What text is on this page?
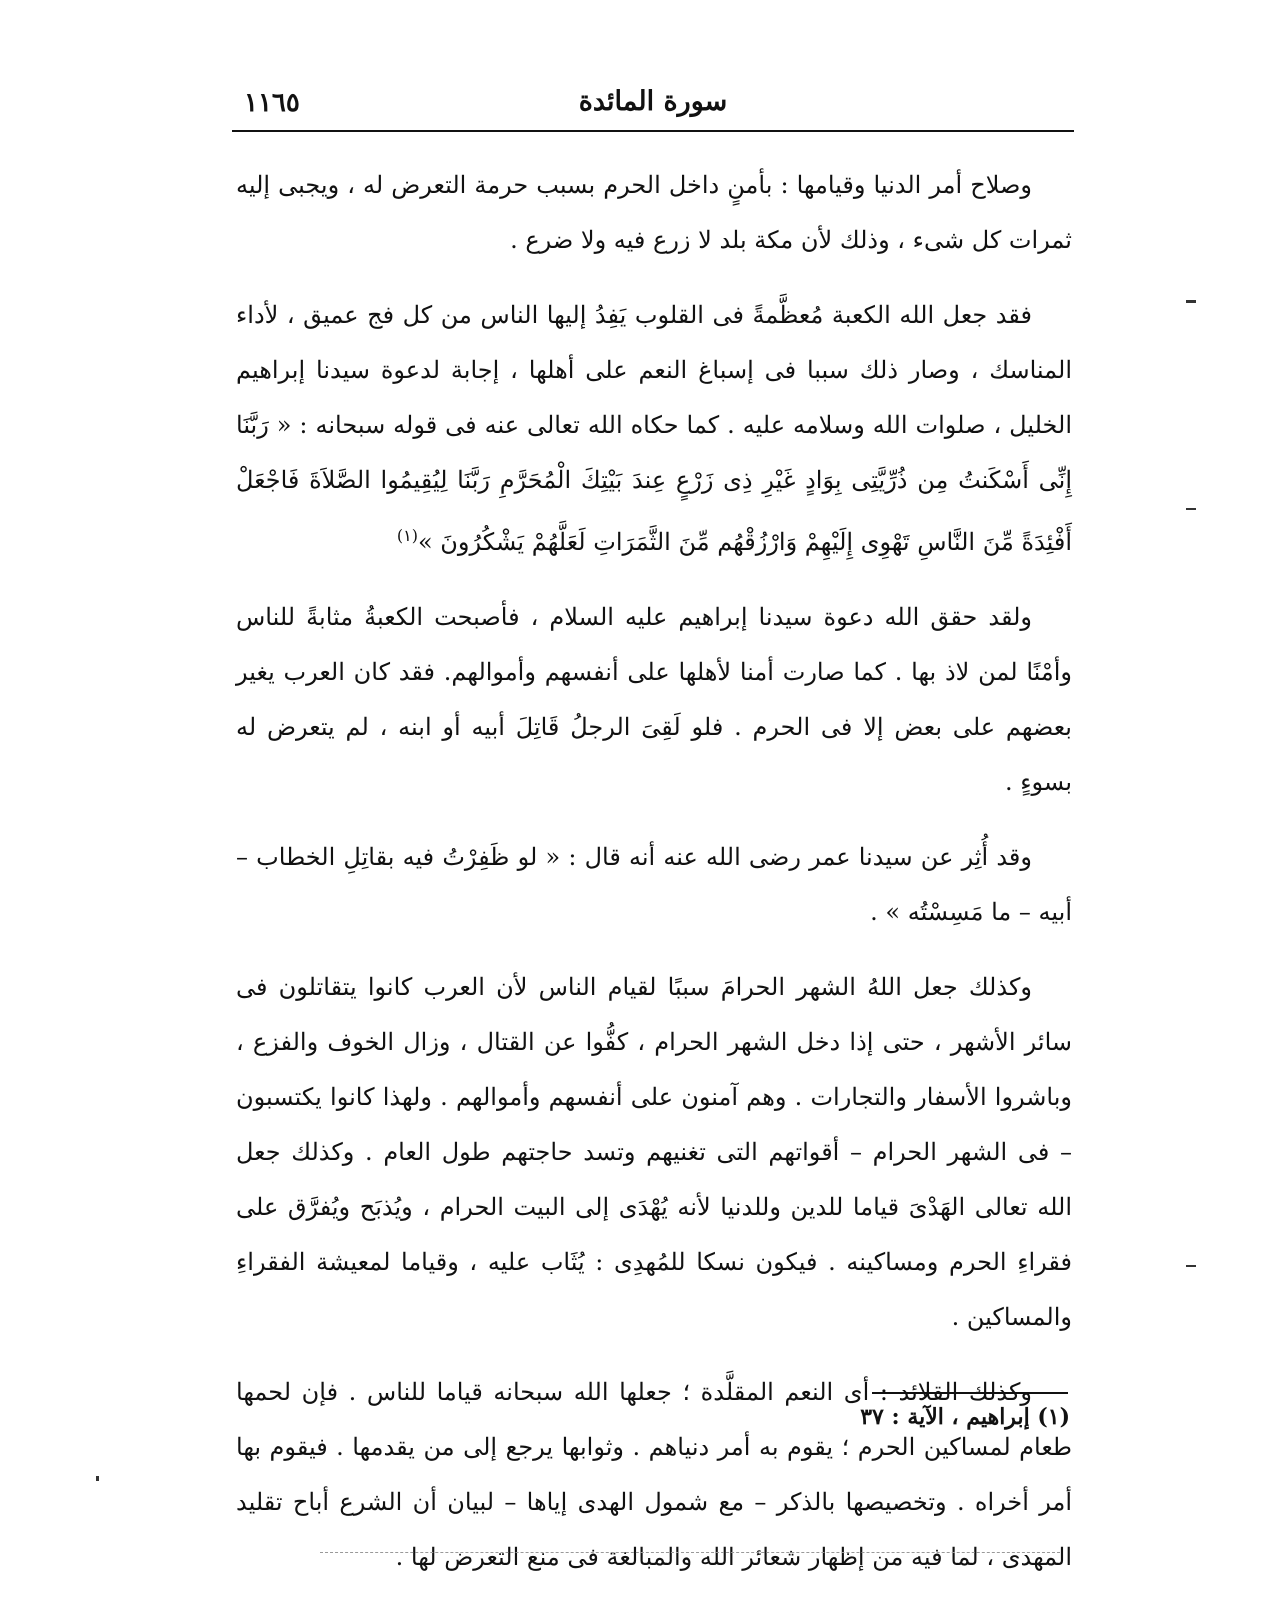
سورة المائدة
١١٦٥

وصلاح أمر الدنيا وقيامها : بأمنٍ داخل الحرم بسبب حرمة التعرض له ، ويجبى إليه ثمرات كل شىء ، وذلك لأن مكة بلد لا زرع فيه ولا ضرع .

فقد جعل الله الكعبة مُعظَّمةً فى القلوب يَفِدُ إليها الناس من كل فج عميق ، لأداء المناسك ، وصار ذلك سببا فى إسباغ النعم على أهلها ، إجابة لدعوة سيدنا إبراهيم الخليل ، صلوات الله وسلامه عليه . كما حكاه الله تعالى عنه فى قوله سبحانه : « رَبَّنَا إِنِّى أَسْكَنتُ مِن ذُرِّيَّتِى بِوَادٍ غَيْرِ ذِى زَرْعٍ عِندَ بَيْتِكَ الْمُحَرَّمِ رَبَّنَا لِيُقِيمُوا الصَّلاَةَ فَاجْعَلْ أَفْئِدَةً مِّنَ النَّاسِ تَهْوِى إِلَيْهِمْ وَارْزُقْهُم مِّنَ الثَّمَرَاتِ لَعَلَّهُمْ يَشْكُرُونَ »$^{(١)}$

ولقد حقق الله دعوة سيدنا إبراهيم عليه السلام ، فأصبحت الكعبةُ مثابةً للناس وأمْنًا لمن لاذ بها . كما صارت أمنا لأهلها على أنفسهم وأموالهم. فقد كان العرب يغير بعضهم على بعض إلا فى الحرم . فلو لَقِىَ الرجلُ قَاتِلَ أبيه أو ابنه ، لم يتعرض له بسوءٍ .

وقد أُثِر عن سيدنا عمر رضى الله عنه أنه قال : « لو ظَفِرْتُ فيه بقاتِلِ الخطاب – أبيه – ما مَسِسْتُه » .

وكذلك جعل اللهُ الشهر الحرامَ سببًا لقيام الناس لأن العرب كانوا يتقاتلون فى سائر الأشهر ، حتى إذا دخل الشهر الحرام ، كفُّوا عن القتال ، وزال الخوف والفزع ، وباشروا الأسفار والتجارات . وهم آمنون على أنفسهم وأموالهم . ولهذا كانوا يكتسبون – فى الشهر الحرام – أقواتهم التى تغنيهم وتسد حاجتهم طول العام . وكذلك جعل الله تعالى الهَدْىَ قياما للدين وللدنيا لأنه يُهْدَى إلى البيت الحرام ، ويُذبَح ويُفرَّق على فقراءِ الحرم ومساكينه . فيكون نسكا للمُهدِى : يُثَاب عليه ، وقياما لمعيشة الفقراءِ والمساكين .

وكذلك القلائد : أى النعم المقلَّدة ؛ جعلها الله سبحانه قياما للناس . فإن لحمها طعام لمساكين الحرم ؛ يقوم به أمر دنياهم . وثوابها يرجع إلى من يقدمها . فيقوم بها أمر أخراه . وتخصيصها بالذكر – مع شمول الهدى إياها – لبيان أن الشرع أباح تقليد المهدى ، لما فيه من إظهار شعائر الله والمبالغة فى منع التعرض لها .

(١) إبراهيم ، الآية : ٣٧
